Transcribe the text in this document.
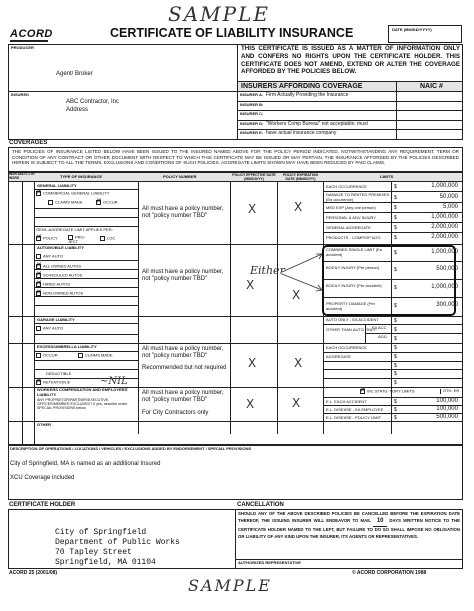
SAMPLE
ACORD	CERTIFICATE OF LIABILITY INSURANCE	DATE (MM/DD/YYYY)
PRODUCER
Agent/ Broker
THIS CERTIFICATE IS ISSUED AS A MATTER OF INFORMATION ONLY AND CONFERS NO RIGHTS UPON THE CERTIFICATE HOLDER. THIS CERTIFICATE DOES NOT AMEND, EXTEND OR ALTER THE COVERAGE AFFORDED BY THE POLICIES BELOW.
INSURERS AFFORDING COVERAGE	NAIC #
INSURED
ABC Contractor, Inc
Address
INSURER A: Firm Actually Providing the Insurance
INSURER B:
INSURER C:
INSURER D: "Workers Comp Bureau" not acceptable, must
INSURER E: have actual insurance company
COVERAGES
THE POLICIES OF INSURANCE LISTED BELOW HAVE BEEN ISSUED TO THE INSURED NAMED ABOVE FOR THE POLICY PERIOD INDICATED. NOTWITHSTANDING ANY REQUIREMENT, TERM OR CONDITION OF ANY CONTRACT OR OTHER DOCUMENT WITH RESPECT TO WHICH THIS CERTIFICATE MAY BE ISSUED OR MAY PERTAIN, THE INSURANCE AFFORDED BY THE POLICIES DESCRIBED HEREIN IS SUBJECT TO ALL THE TERMS, EXCLUSIONS AND CONDITIONS OF SUCH POLICIES. AGGREGATE LIMITS SHOWN MAY HAVE BEEN REDUCED BY PAID CLAIMS.
INSR ADD'L LTR INSRD	TYPE OF INSURANCE	POLICY NUMBER	POLICY EFFECTIVE DATE (MM/DD/YY)
POLICY EXPIRATION DATE (MM/DD/YY)
LIMITS
GENERAL LIABILITY
✕COMMERCIAL GENERAL LIABILITY
CLAIMS MADE
✕	OCCUR
GEN'L AGGREGATE LIMIT APPLIES PER:
✕POLICY	PRO- JECT
LOC
All must have a policy number, not "policy number TBD"
X	X
EACH OCCURRENCE	$	1,000,000
DAMAGE TO RENTED PREMISES (Ea occurence)	$	50,000
MED EXP (Any one person)	$	5,000
PERSONAL & ADV INJURY	$	1,000,000
GENERAL AGGREGATE	$	2,000,000
PRODUCTS - COMP/OP AGG	$	2,000,000
AUTOMOBILE LIABILITY
ANY AUTO
✕ALL OWNED AUTOS
✕SCHEDULED AUTOS
✕HIRED AUTOS
✕NON-OWNED AUTOS
All must have a policy number, not "policy number TBD"	X
X
Either
COMBINED SINGLE LIMIT (Ea accident)	$	1,000,000
BODILY INJURY (Per person)	$	500,000
BODILY INJURY (Per accident)	$	1,000,000
PROPERTY DAMAGE (Per accident)	$	300,000
GARAGE LIABILITY
ANY AUTO
AUTO ONLY - EA ACCIDENT
OTHER THAN AUTO ONLY:
EA ACC
AGG
$
$
$
EXCESS/UMBRELLA LIABILITY
OCCUR	CLAIMS MADE
DEDUCTIBLE
✕RETENTION $	~NIL
All must have a policy number, not "policy number TBD"
Recommended but not required	X	X
EACH OCCURRENCE	$
AGGREGATE	$
$
$
$
WORKERS COMPENSATION AND EMPLOYERS' LIABILITY
ANY PROPRIETOR/PARTNER/EXECUTIVE OFFICER/MEMBER EXCLUDED? If yes, describe under SPECIAL PROVISIONS below
All must have a policy number, not "policy number TBD"
For City Contractors only
X	X
✕WC STATU- TORY LIMITS	OTH- ER
E.L. EACH ACCIDENT	$	100,000
E.L. DISEASE - EA EMPLOYEE $	100,000
E.L. DISEASE - POLICY LIMIT	$	500,000
OTHER
DESCRIPTION OF OPERATIONS / LOCATIONS / VEHICLES / EXCLUSIONS ADDED BY ENDORSEMENT / SPECIAL PROVISIONS
City of Springfield, MA is named as an additional Insured
XCU Coverage included
CERTIFICATE HOLDER	CANCELLATION
City of Springfield
Department of Public Works
70 Tapley Street
Springfield, MA 01104
SHOULD ANY OF THE ABOVE DESCRIBED POLICIES BE CANCELLED BEFORE THE EXPIRATION DATE THEREOF, THE ISSUING INSURER WILL ENDEAVOR TO MAIL 10 DAYS WRITTEN NOTICE TO THE CERTIFICATE HOLDER NAMED TO THE LEFT, BUT FAILURE TO DO SO SHALL IMPOSE NO OBLIGATION OR LIABILITY OF ANY KIND UPON THE INSURER, ITS AGENTS OR REPRESENTATIVES.
AUTHORIZED REPRESENTATIVE
ACORD 25 (2001/08)	© ACORD CORPORATION 1988
SAMPLE
